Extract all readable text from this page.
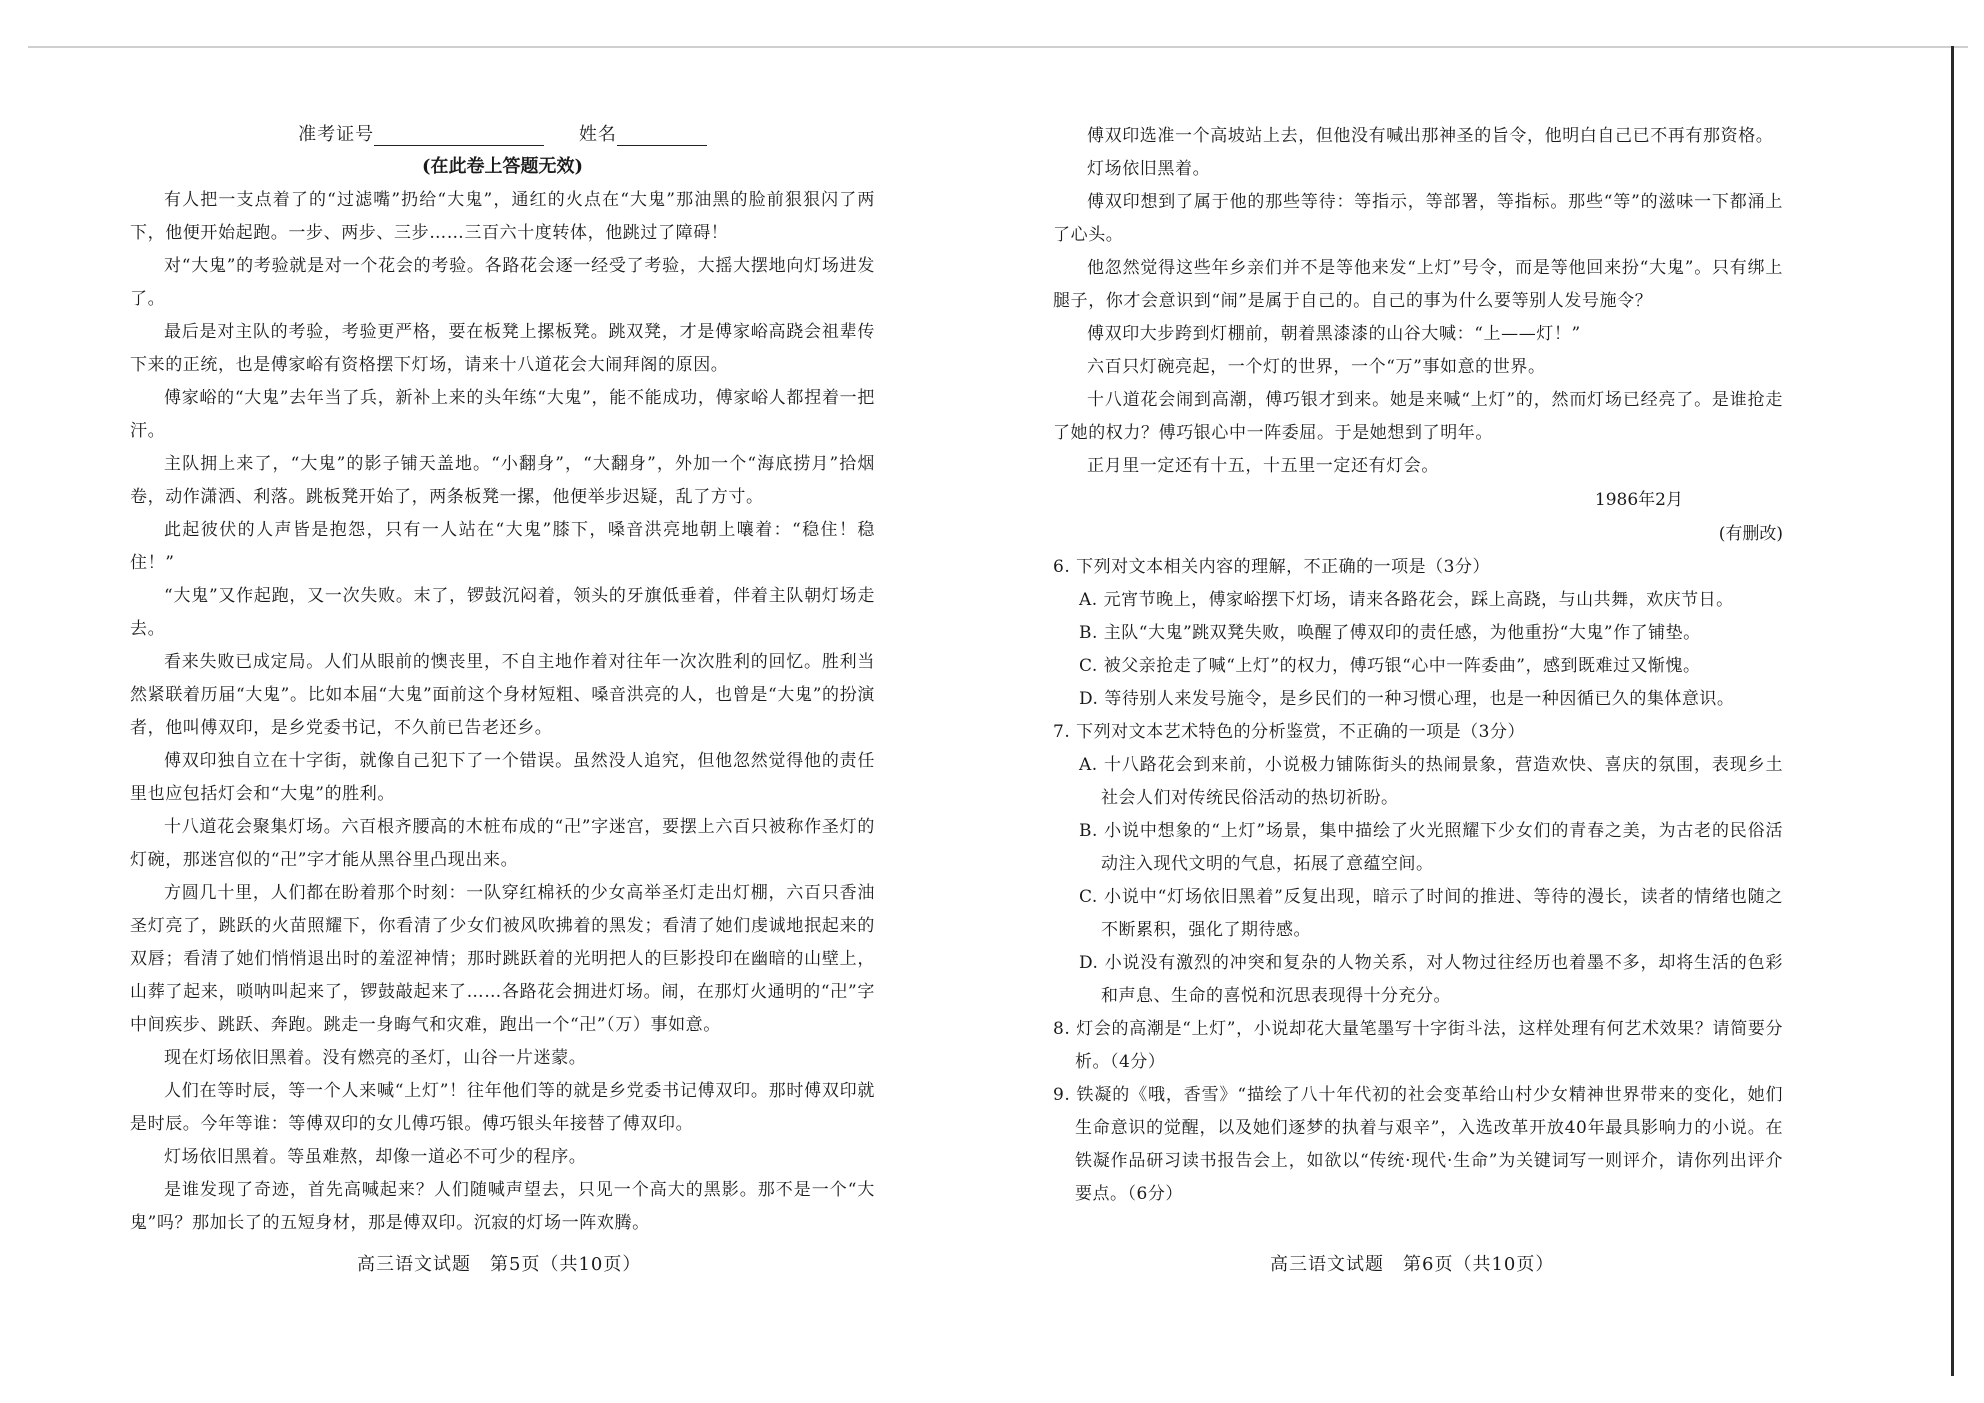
准考证号	姓名
(在此卷上答题无效)

有人把一支点着了的“过滤嘴”扔给“大鬼”，通红的火点在“大鬼”那油黑的脸前狠狠闪了两下，他便开始起跑。一步、两步、三步……三百六十度转体，他跳过了障碍！

对“大鬼”的考验就是对一个花会的考验。各路花会逐一经受了考验，大摇大摆地向灯场进发了。

最后是对主队的考验，考验更严格，要在板凳上摞板凳。跳双凳，才是傅家峪高跷会祖辈传下来的正统，也是傅家峪有资格摆下灯场，请来十八道花会大闹拜阁的原因。

傅家峪的“大鬼”去年当了兵，新补上来的头年练“大鬼”，能不能成功，傅家峪人都捏着一把汗。

主队拥上来了，“大鬼”的影子铺天盖地。“小翻身”，“大翻身”，外加一个“海底捞月”拾烟卷，动作潇洒、利落。跳板凳开始了，两条板凳一摞，他便举步迟疑，乱了方寸。

此起彼伏的人声皆是抱怨，只有一人站在“大鬼”膝下，嗓音洪亮地朝上嚷着：“稳住！稳住！”

“大鬼”又作起跑，又一次失败。末了，锣鼓沉闷着，领头的牙旗低垂着，伴着主队朝灯场走去。

看来失败已成定局。人们从眼前的懊丧里，不自主地作着对往年一次次胜利的回忆。胜利当然紧联着历届“大鬼”。比如本届“大鬼”面前这个身材短粗、嗓音洪亮的人，也曾是“大鬼”的扮演者，他叫傅双印，是乡党委书记，不久前已告老还乡。

傅双印独自立在十字街，就像自己犯下了一个错误。虽然没人追究，但他忽然觉得他的责任里也应包括灯会和“大鬼”的胜利。

十八道花会聚集灯场。六百根齐腰高的木桩布成的“卍”字迷宫，要摆上六百只被称作圣灯的灯碗，那迷宫似的“卍”字才能从黑谷里凸现出来。

方圆几十里，人们都在盼着那个时刻：一队穿红棉袄的少女高举圣灯走出灯棚，六百只香油圣灯亮了，跳跃的火苗照耀下，你看清了少女们被风吹拂着的黑发；看清了她们虔诚地抿起来的双唇；看清了她们悄悄退出时的羞涩神情；那时跳跃着的光明把人的巨影投印在幽暗的山壁上，山葬了起来，唢呐叫起来了，锣鼓敲起来了……各路花会拥进灯场。闹，在那灯火通明的“卍”字中间疾步、跳跃、奔跑。跳走一身晦气和灾难，跑出一个“卍”（万）事如意。

现在灯场依旧黑着。没有燃亮的圣灯，山谷一片迷蒙。

人们在等时辰，等一个人来喊“上灯”！往年他们等的就是乡党委书记傅双印。那时傅双印就是时辰。今年等谁：等傅双印的女儿傅巧银。傅巧银头年接替了傅双印。

灯场依旧黑着。等虽难熬，却像一道必不可少的程序。

是谁发现了奇迹，首先高喊起来？人们随喊声望去，只见一个高大的黑影。那不是一个“大鬼”吗？那加长了的五短身材，那是傅双印。沉寂的灯场一阵欢腾。

傅双印选准一个高坡站上去，但他没有喊出那神圣的旨令，他明白自己已不再有那资格。

灯场依旧黑着。

傅双印想到了属于他的那些等待：等指示，等部署，等指标。那些“等”的滋味一下都涌上了心头。

他忽然觉得这些年乡亲们并不是等他来发“上灯”号令，而是等他回来扮“大鬼”。只有绑上腿子，你才会意识到“闹”是属于自己的。自己的事为什么要等别人发号施令？

傅双印大步跨到灯棚前，朝着黑漆漆的山谷大喊：“上——灯！”

六百只灯碗亮起，一个灯的世界，一个“万”事如意的世界。

十八道花会闹到高潮，傅巧银才到来。她是来喊“上灯”的，然而灯场已经亮了。是谁抢走了她的权力？傅巧银心中一阵委屈。于是她想到了明年。

正月里一定还有十五，十五里一定还有灯会。

1986年2月
(有删改)

6. 下列对文本相关内容的理解，不正确的一项是（3分）

A. 元宵节晚上，傅家峪摆下灯场，请来各路花会，踩上高跷，与山共舞，欢庆节日。

B. 主队“大鬼”跳双凳失败，唤醒了傅双印的责任感，为他重扮“大鬼”作了铺垫。

C. 被父亲抢走了喊“上灯”的权力，傅巧银“心中一阵委曲”，感到既难过又惭愧。

D. 等待别人来发号施令，是乡民们的一种习惯心理，也是一种因循已久的集体意识。

7. 下列对文本艺术特色的分析鉴赏，不正确的一项是（3分）

A. 十八路花会到来前，小说极力铺陈街头的热闹景象，营造欢快、喜庆的氛围，表现乡土社会人们对传统民俗活动的热切祈盼。

B. 小说中想象的“上灯”场景，集中描绘了火光照耀下少女们的青春之美，为古老的民俗活动注入现代文明的气息，拓展了意蕴空间。

C. 小说中“灯场依旧黑着”反复出现，暗示了时间的推进、等待的漫长，读者的情绪也随之不断累积，强化了期待感。

D. 小说没有激烈的冲突和复杂的人物关系，对人物过往经历也着墨不多，却将生活的色彩和声息、生命的喜悦和沉思表现得十分充分。

8. 灯会的高潮是“上灯”，小说却花大量笔墨写十字街斗法，这样处理有何艺术效果？请简要分析。（4分）

9. 铁凝的《哦，香雪》“描绘了八十年代初的社会变革给山村少女精神世界带来的变化，她们生命意识的觉醒，以及她们逐梦的执着与艰辛”，入选改革开放40年最具影响力的小说。在铁凝作品研习读书报告会上，如欲以“传统·现代·生命”为关键词写一则评介，请你列出评介要点。（6分）

高三语文试题　第5页（共10页）	高三语文试题　第6页（共10页）
